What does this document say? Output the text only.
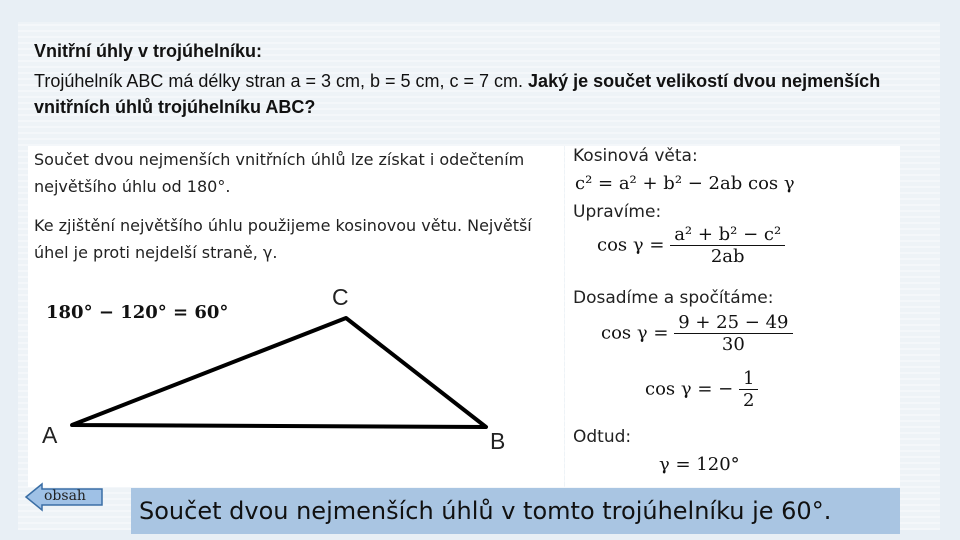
Vnitřní úhly v trojúhelníku:

Trojúhelník ABC má délky stran a = 3 cm, b = 5 cm, c = 7 cm. Jaký je součet velikostí dvou nejmenších vnitřních úhlů trojúhelníku ABC?

Součet dvou nejmenších vnitřních úhlů lze získat i odečtením největšího úhlu od 180°.
Ke zjištění největšího úhlu použijeme kosinovou větu. Největší úhel je proti nejdelší straně, γ.
180° − 120° = 60°
C
A	B
Kosinová věta:
c² = a² + b² − 2ab cos γ
Upravíme:
$\cos \gamma = \frac{\text{a² + b² − c²}}{2ab}$
Dosadíme a spočítáme:
$\cos \gamma = \frac{9 + 25 - 49}{30}$
cos γ = − $\frac{1}{2}$
Odtud:
γ = 120°
obsah
Součet dvou nejmenších úhlů v tomto trojúhelníku je 60°.
